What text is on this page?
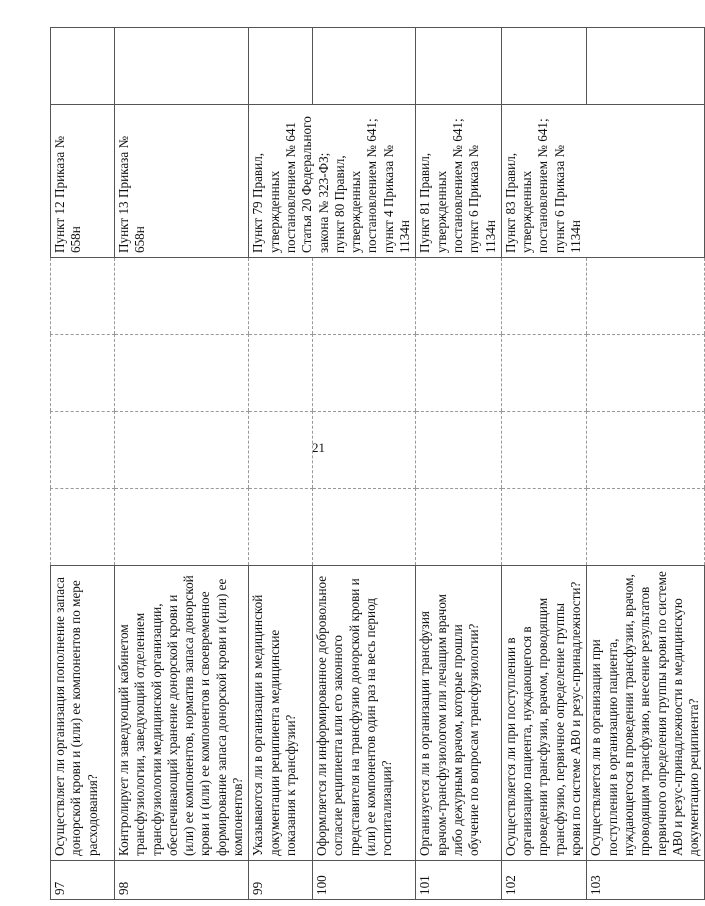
21
97	Осуществляет ли организация пополнение запаса донорской крови и (или) ее компонентов по мере расходования?					Пункт 12 Приказа № 658н	

98	Контролирует ли заведующий кабинетом трансфузиологии, заведующий отделением трансфузиологии медицинской организации, обеспечивающий хранение донорской крови и (или) ее компонентов, норматив запаса донорской крови и (или) ее компонентов и своевременное формирование запаса донорской крови и (или) ее компонентов?					Пункт 13 Приказа № 658н	

99	Указываются ли в организации в медицинской документации реципиента медицинские показания к трансфузии?					Пункт 79 Правил, утвержденных постановлением № 641 Статья 20 Федерального закона № 323-ФЗ; пункт 80 Правил, утвержденных постановлением № 641; пункт 4 Приказа № 1134н	

100	Оформляется ли информированное добровольное согласие реципиента или его законного представителя на трансфузию донорской крови и (или) ее компонентов один раз на весь период госпитализации?						
101	Организуется ли в организации трансфузия врачом-трансфузиологом или лечащим врачом либо дежурным врачом, которые прошли обучение по вопросам трансфузиологии?					Пункт 81 Правил, утвержденных постановлением № 641; пункт 6 Приказа № 1134н	

102	Осуществляется ли при поступлении в организацию пациента, нуждающегося в проведении трансфузии, врачом, проводящим трансфузию, первичное определение группы крови по системе АВ0 и резус-принадлежности?					Пункт 83 Правил, утвержденных постановлением № 641; пункт 6 Приказа № 1134н	

103	Осуществляется ли в организации при поступлении в организацию пациента, нуждающегося в проведении трансфузии, врачом, проводящим трансфузию, внесение результатов первичного определения группы крови по системе АВ0 и резус-принадлежности в медицинскую документацию реципиента?						
